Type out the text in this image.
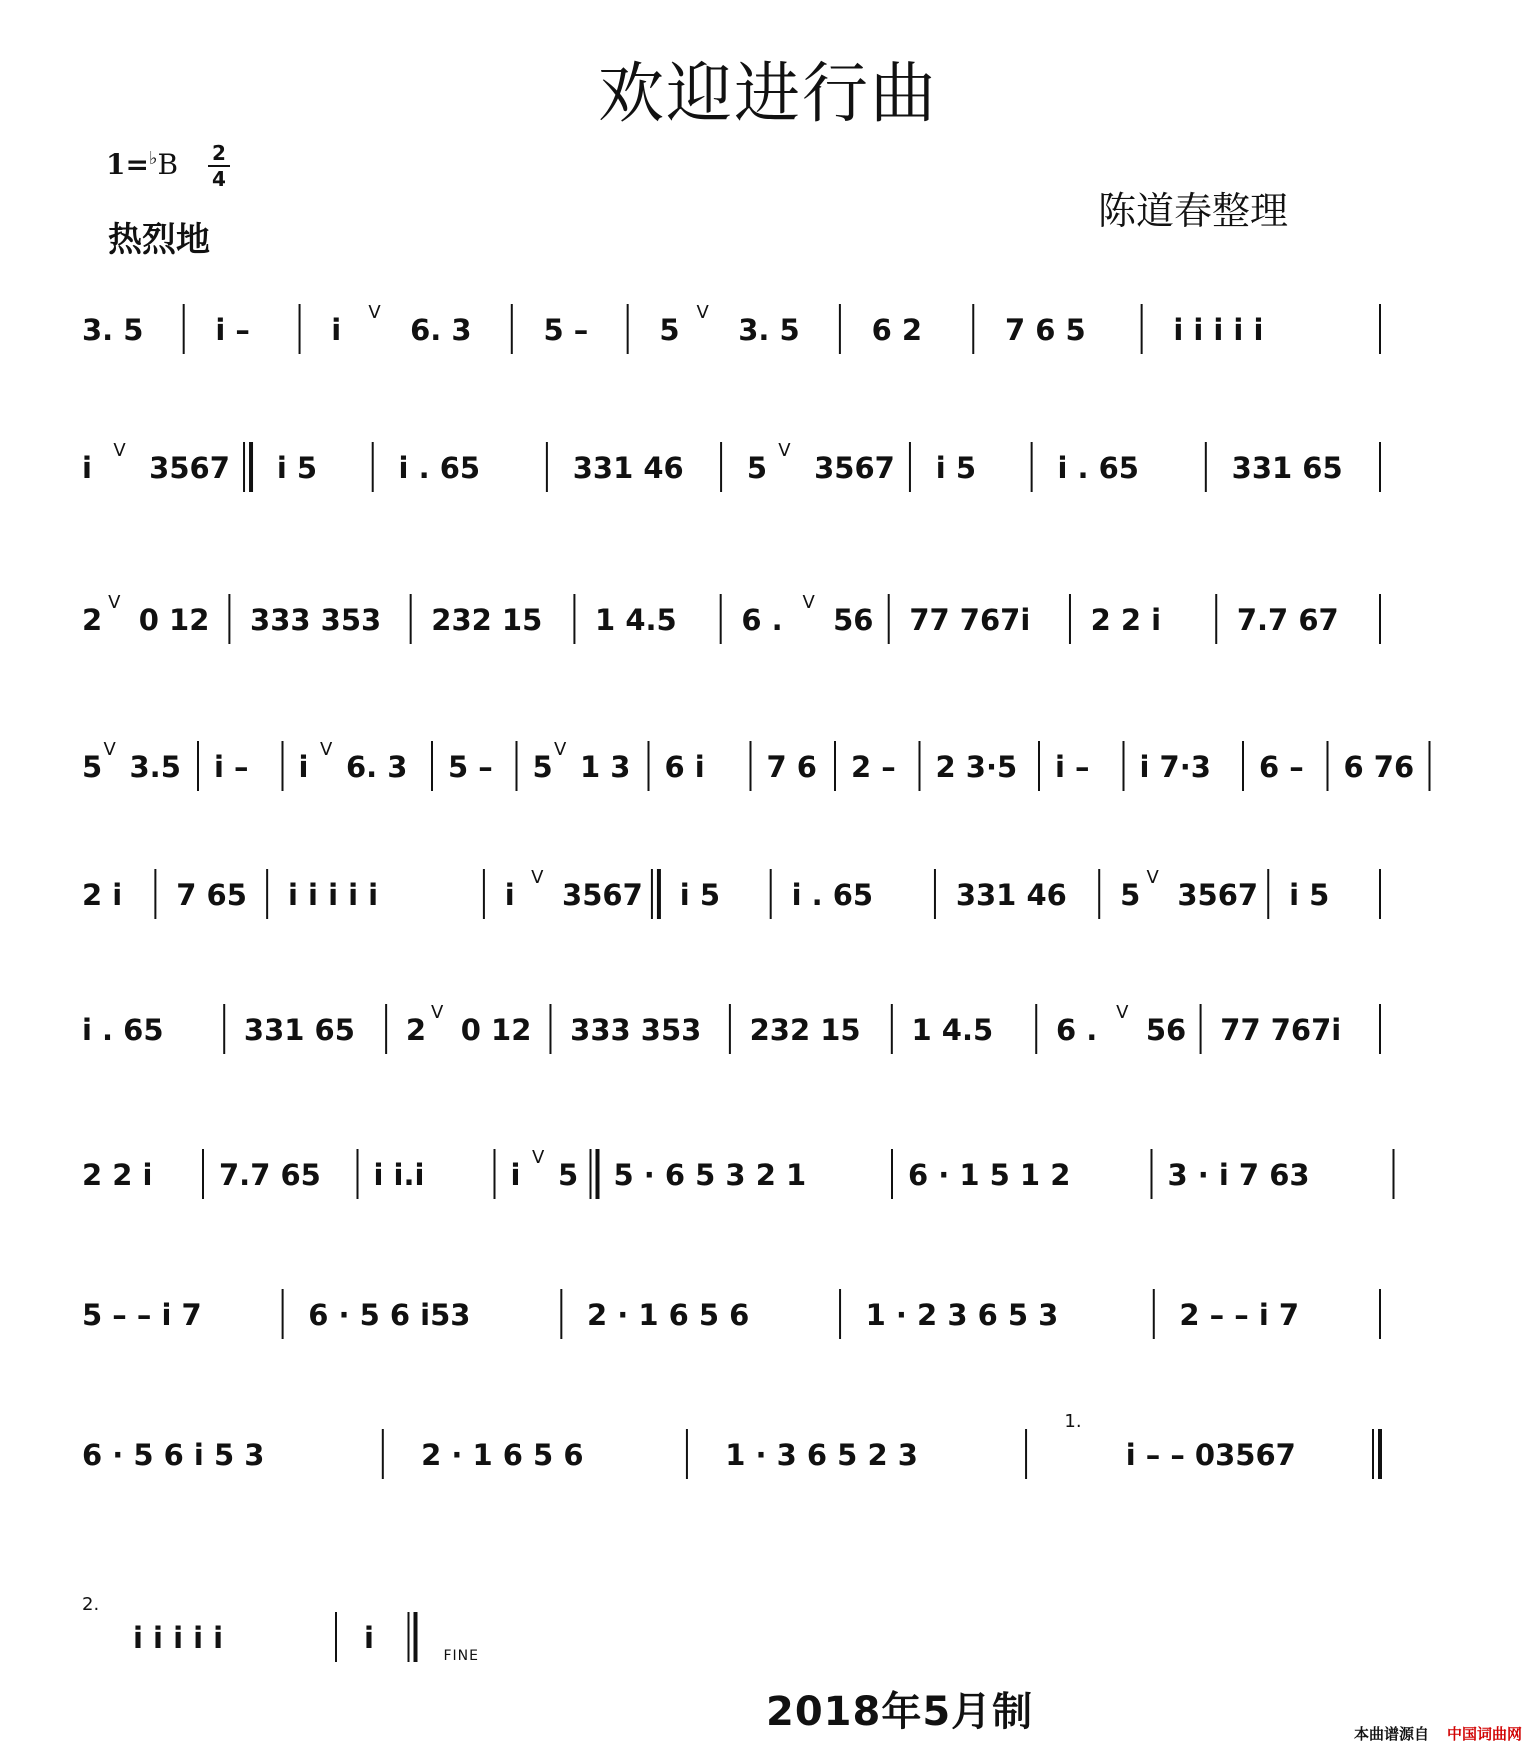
欢迎进行曲
1=♭B	2
4
热烈地
陈道春整理
3. 5
|
i –
|
i
V
6. 3
|
5 –
|
5
V
3. 5
|
6 2
|
7 6 5
|
i i i i i
|
i
V
3567
‖:
i 5
|
i . 65
|
331 46
|
5
V
3567
|
i 5
|
i . 65
|
331 65
|
2
V
0 12
|
333 353
|
232 15
|
1 4.5
|
6 .
V
56
|
77 767i
|
2 2 i
|
7.7 67
|
5
V
3.5
|
i –
|
i
V
6. 3
|
5 –
|
5
V
1 3
|
6 i
|
7 6
|
2 –
|
2 3·5
|
i –
|
i 7·3
|
6 –
|
6 76
|
2 i
|
7 65
|
i i i i i
|
i
V
3567
‖:
i 5
|
i . 65
|
331 46
|
5
V
3567
|
i 5
|
i . 65
|
331 65
|
2
V
0 12
|
333 353
|
232 15
|
1 4.5
|
6 .
V
56
|
77 767i
|
2 2 i
|
7.7 65
|
i i.i
|
i
V
5
‖:
5 · 6 5 3 2 1
|
6 · 1 5 1 2
|
3 · i 7 63
|
5 – – i 7
|
6 · 5 6 i53
|
2 · 1 6 5 6
|
1 · 2 3 6 5 3
|
2 – – i 7
|
6 · 5 6 i 5 3
|
2 · 1 6 5 6
|
1 · 3 6 5 2 3
|
1.
i – – 03567
:‖
2.
i i i i i
|
i
‖
FINE
2018年5月制	本曲谱源自 中国词曲网
